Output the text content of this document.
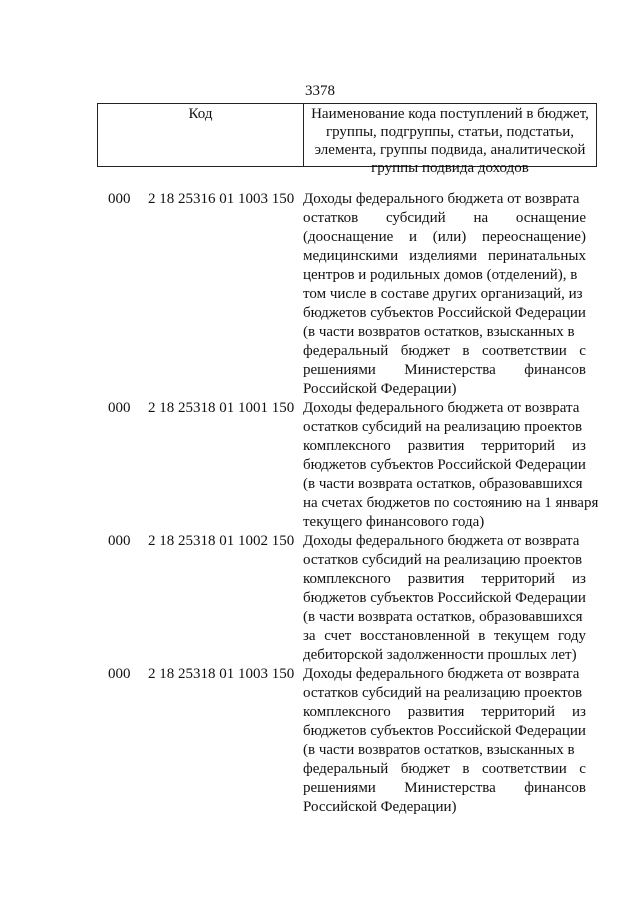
3378
Код	Наименование кода поступлений в бюджет,
группы, подгруппы, статьи, подстатьи,
элемента, группы подвида, аналитической
группы подвида доходов
000	2 18 25316 01 1003 150 Доходы федерального бюджета от возврата
остатков субсидий на оснащение
(дооснащение и (или) переоснащение)
медицинскими изделиями перинатальных
центров и родильных домов (отделений), в
том числе в составе других организаций, из
бюджетов субъектов Российской Федерации
(в части возвратов остатков, взысканных в
федеральный бюджет в соответствии с
решениями Министерства финансов
Российской Федерации)
000	2 18 25318 01 1001 150 Доходы федерального бюджета от возврата
остатков субсидий на реализацию проектов
комплексного развития территорий из
бюджетов субъектов Российской Федерации
(в части возврата остатков, образовавшихся
на счетах бюджетов по состоянию на 1 января
текущего финансового года)
000	2 18 25318 01 1002 150 Доходы федерального бюджета от возврата
остатков субсидий на реализацию проектов
комплексного развития территорий из
бюджетов субъектов Российской Федерации
(в части возврата остатков, образовавшихся
за счет восстановленной в текущем году
дебиторской задолженности прошлых лет)
000	2 18 25318 01 1003 150 Доходы федерального бюджета от возврата
остатков субсидий на реализацию проектов
комплексного развития территорий из
бюджетов субъектов Российской Федерации
(в части возвратов остатков, взысканных в
федеральный бюджет в соответствии с
решениями Министерства финансов
Российской Федерации)
